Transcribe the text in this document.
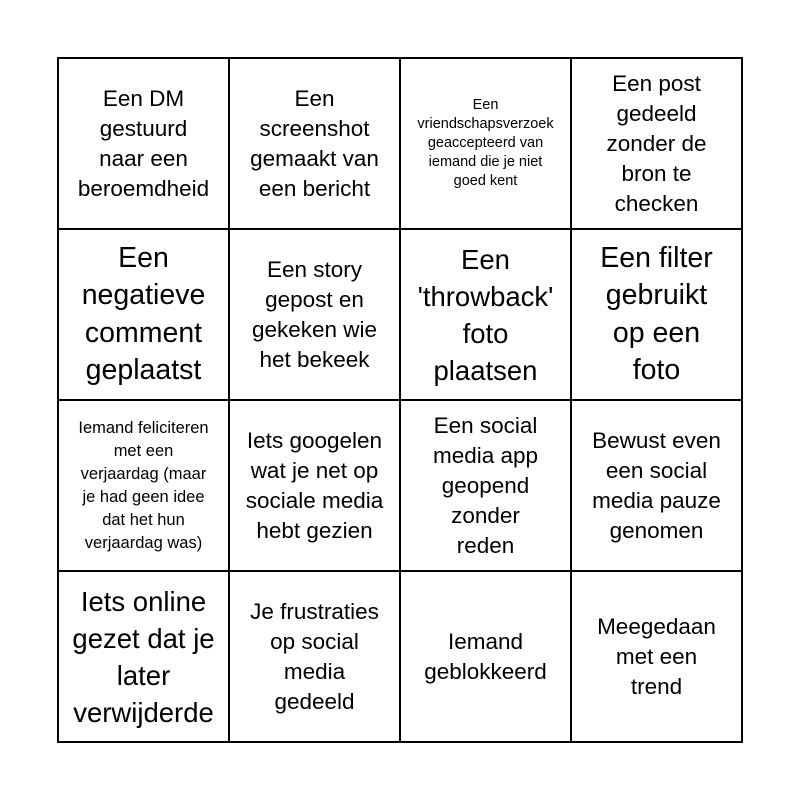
Een DM
gestuurd
naar een
beroemdheid
Een
screenshot
gemaakt van
een bericht
Een
vriendschapsverzoek
geaccepteerd van
iemand die je niet
goed kent
Een post
gedeeld
zonder de
bron te
checken
Een
negatieve
comment
geplaatst
Een story
gepost en
gekeken wie
het bekeek
Een
'throwback'
foto
plaatsen
Een filter
gebruikt
op een
foto
Iemand feliciteren
met een
verjaardag (maar
je had geen idee
dat het hun
verjaardag was)
Iets googelen
wat je net op
sociale media
hebt gezien
Een social
media app
geopend
zonder
reden
Bewust even
een social
media pauze
genomen
Iets online
gezet dat je
later
verwijderde
Je frustraties
op social
media
gedeeld
Iemand
geblokkeerd
Meegedaan
met een
trend
